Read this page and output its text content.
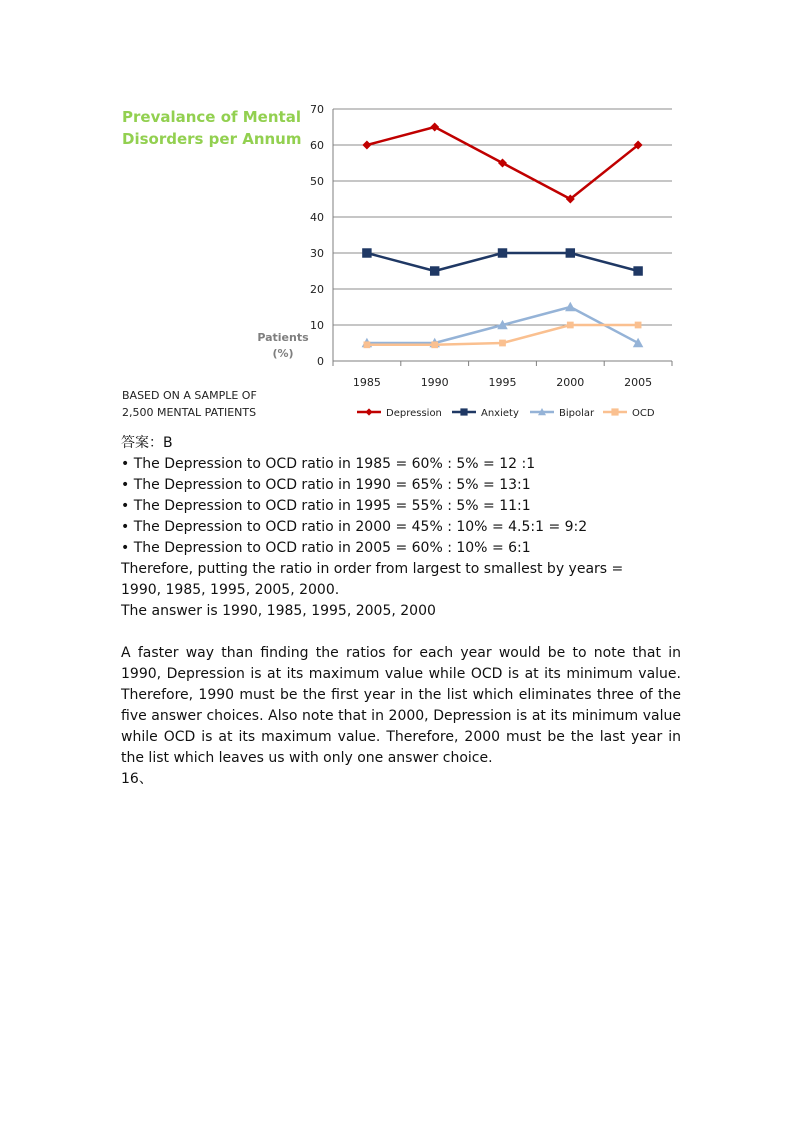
Prevalance of Mental
Disorders per Annum
Patients
(%)
BASED ON A SAMPLE OF
2,500 MENTAL PATIENTS
0
10
20
30
40
50
60
70
1985	1990	1995	2000	2005
Depression	Anxiety	Bipolar	OCD

答案：B

• The Depression to OCD ratio in 1985 = 60% : 5% = 12 :1

• The Depression to OCD ratio in 1990 = 65% : 5% = 13:1

• The Depression to OCD ratio in 1995 = 55% : 5% = 11:1

• The Depression to OCD ratio in 2000 = 45% : 10% = 4.5:1 = 9:2

• The Depression to OCD ratio in 2005 = 60% : 10% = 6:1

Therefore, putting the ratio in order from largest to smallest by years =

1990, 1985, 1995, 2005, 2000.

The answer is 1990, 1985, 1995, 2005, 2000

A faster way than finding the ratios for each year would be to note that in 1990, Depression is at its maximum value while OCD is at its minimum value. Therefore, 1990 must be the first year in the list which eliminates three of the five answer choices. Also note that in 2000, Depression is at its minimum value while OCD is at its maximum value. Therefore, 2000 must be the last year in the list which leaves us with only one answer choice.

16、
